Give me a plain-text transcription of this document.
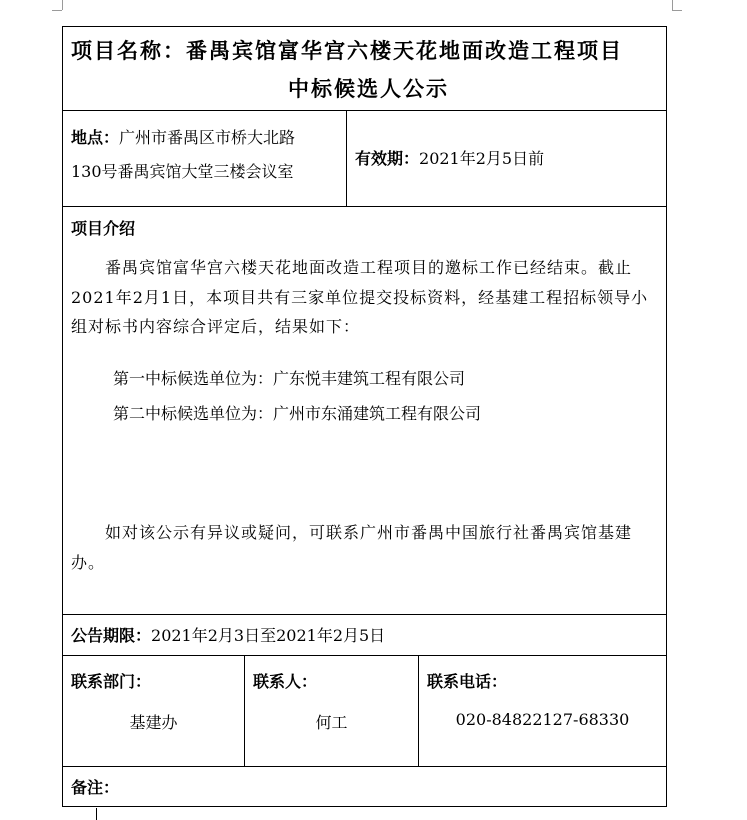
项目名称：番禺宾馆富华宫六楼天花地面改造工程项目
中标候选人公示
地点：广州市番禺区市桥大北路
130号番禺宾馆大堂三楼会议室
有效期：2021年2月5日前
项目介绍

番禺宾馆富华宫六楼天花地面改造工程项目的邀标工作已经结束。截止2021年2月1日，本项目共有三家单位提交投标资料，经基建工程招标领导小组对标书内容综合评定后，结果如下：

第一中标候选单位为：广东悦丰建筑工程有限公司

第二中标候选单位为：广州市东涌建筑工程有限公司

如对该公示有异议或疑问，可联系广州市番禺中国旅行社番禺宾馆基建办。

公告期限：2021年2月3日至2021年2月5日
联系部门：
基建办
联系人：
何工
联系电话：
020-84822127-68330
备注：
